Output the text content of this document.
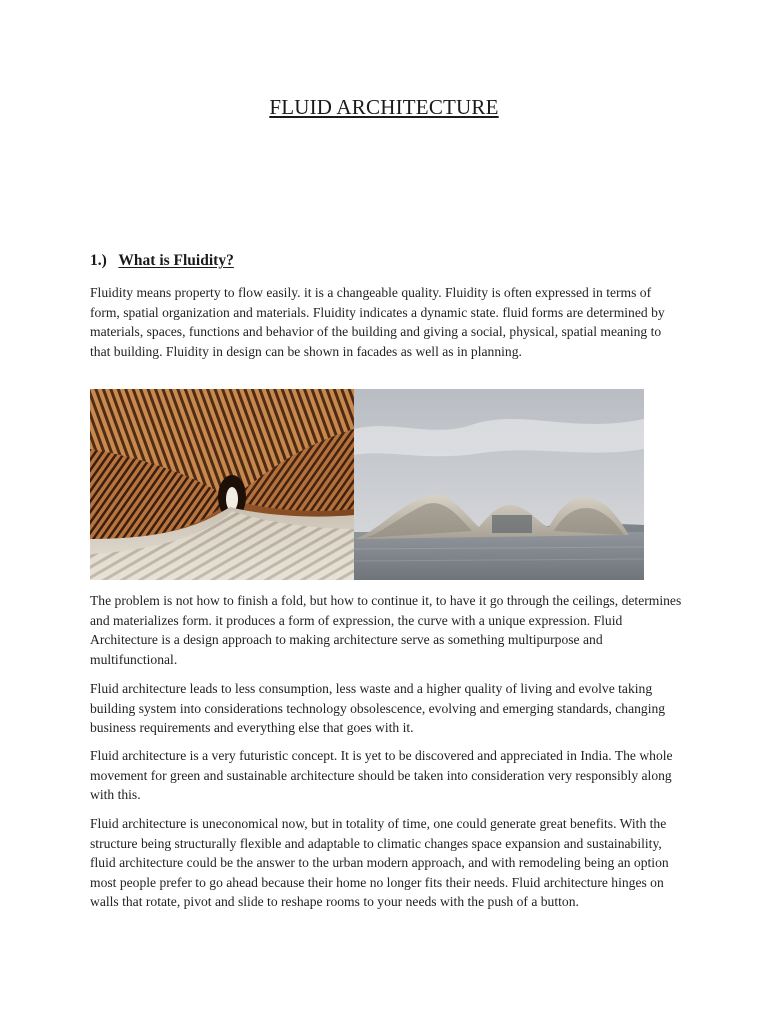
FLUID ARCHITECTURE
1.) What is Fluidity?
Fluidity means property to flow easily. it is a changeable quality. Fluidity is often expressed in terms of form, spatial organization and materials. Fluidity indicates a dynamic state. fluid forms are determined by materials, spaces, functions and behavior of the building and giving a social, physical, spatial meaning to that building. Fluidity in design can be shown in facades as well as in planning.
The problem is not how to finish a fold, but how to continue it, to have it go through the ceilings, determines and materializes form. it produces a form of expression, the curve with a unique expression. Fluid Architecture is a design approach to making architecture serve as something multipurpose and multifunctional.
Fluid architecture leads to less consumption, less waste and a higher quality of living and evolve taking building system into considerations technology obsolescence, evolving and emerging standards, changing business requirements and everything else that goes with it.
Fluid architecture is a very futuristic concept. It is yet to be discovered and appreciated in India. The whole movement for green and sustainable architecture should be taken into consideration very responsibly along with this.
Fluid architecture is uneconomical now, but in totality of time, one could generate great benefits. With the structure being structurally flexible and adaptable to climatic changes space expansion and sustainability, fluid architecture could be the answer to the urban modern approach, and with remodeling being an option most people prefer to go ahead because their home no longer fits their needs. Fluid architecture hinges on walls that rotate, pivot and slide to reshape rooms to your needs with the push of a button.
